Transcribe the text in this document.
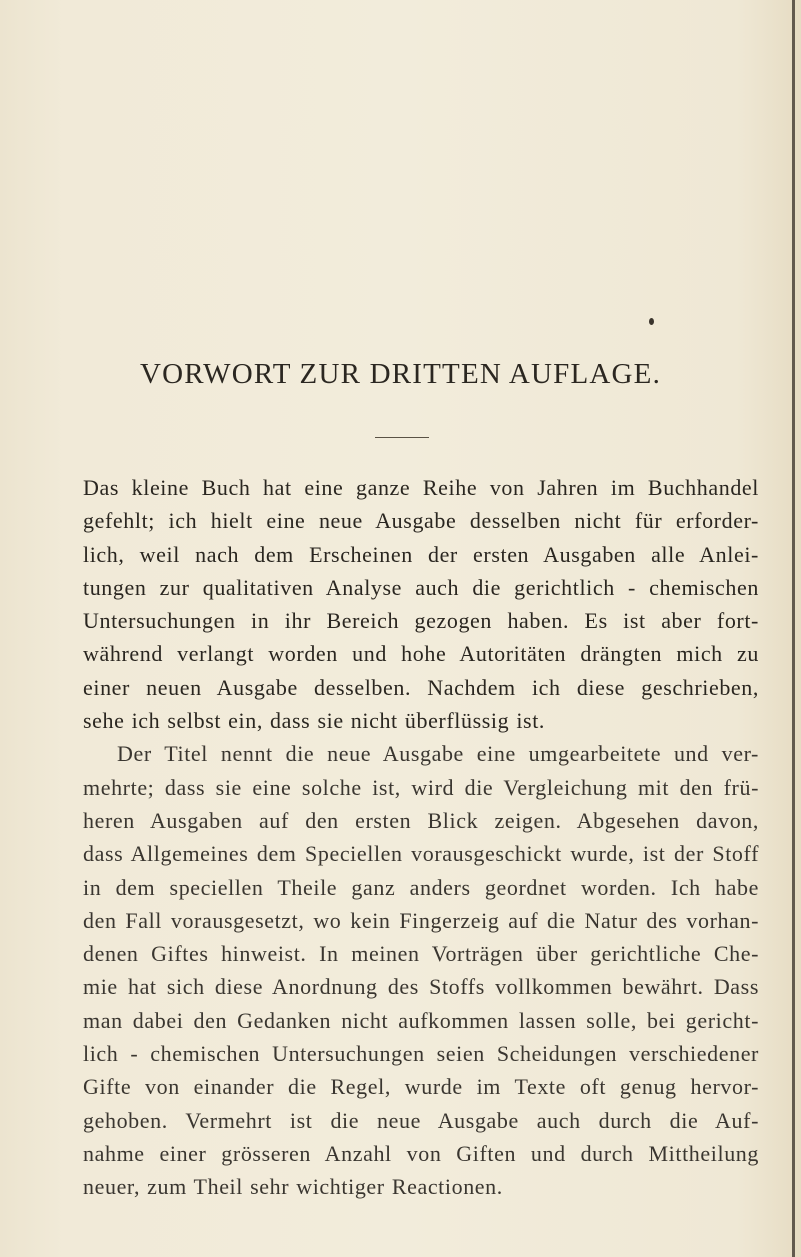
VORWORT ZUR DRITTEN AUFLAGE.
Das kleine Buch hat eine ganze Reihe von Jahren im Buchhandel
gefehlt; ich hielt eine neue Ausgabe desselben nicht für erforder-
lich, weil nach dem Erscheinen der ersten Ausgaben alle Anlei-
tungen zur qualitativen Analyse auch die gerichtlich - chemischen
Untersuchungen in ihr Bereich gezogen haben. Es ist aber fort-
während verlangt worden und hohe Autoritäten drängten mich zu
einer neuen Ausgabe desselben. Nachdem ich diese geschrieben,
sehe ich selbst ein, dass sie nicht überflüssig ist.
Der Titel nennt die neue Ausgabe eine umgearbeitete und ver-
mehrte; dass sie eine solche ist, wird die Vergleichung mit den frü-
heren Ausgaben auf den ersten Blick zeigen. Abgesehen davon,
dass Allgemeines dem Speciellen vorausgeschickt wurde, ist der Stoff
in dem speciellen Theile ganz anders geordnet worden. Ich habe
den Fall vorausgesetzt, wo kein Fingerzeig auf die Natur des vorhan-
denen Giftes hinweist. In meinen Vorträgen über gerichtliche Che-
mie hat sich diese Anordnung des Stoffs vollkommen bewährt. Dass
man dabei den Gedanken nicht aufkommen lassen solle, bei gericht-
lich - chemischen Untersuchungen seien Scheidungen verschiedener
Gifte von einander die Regel, wurde im Texte oft genug hervor-
gehoben. Vermehrt ist die neue Ausgabe auch durch die Auf-
nahme einer grösseren Anzahl von Giften und durch Mittheilung
neuer, zum Theil sehr wichtiger Reactionen.
